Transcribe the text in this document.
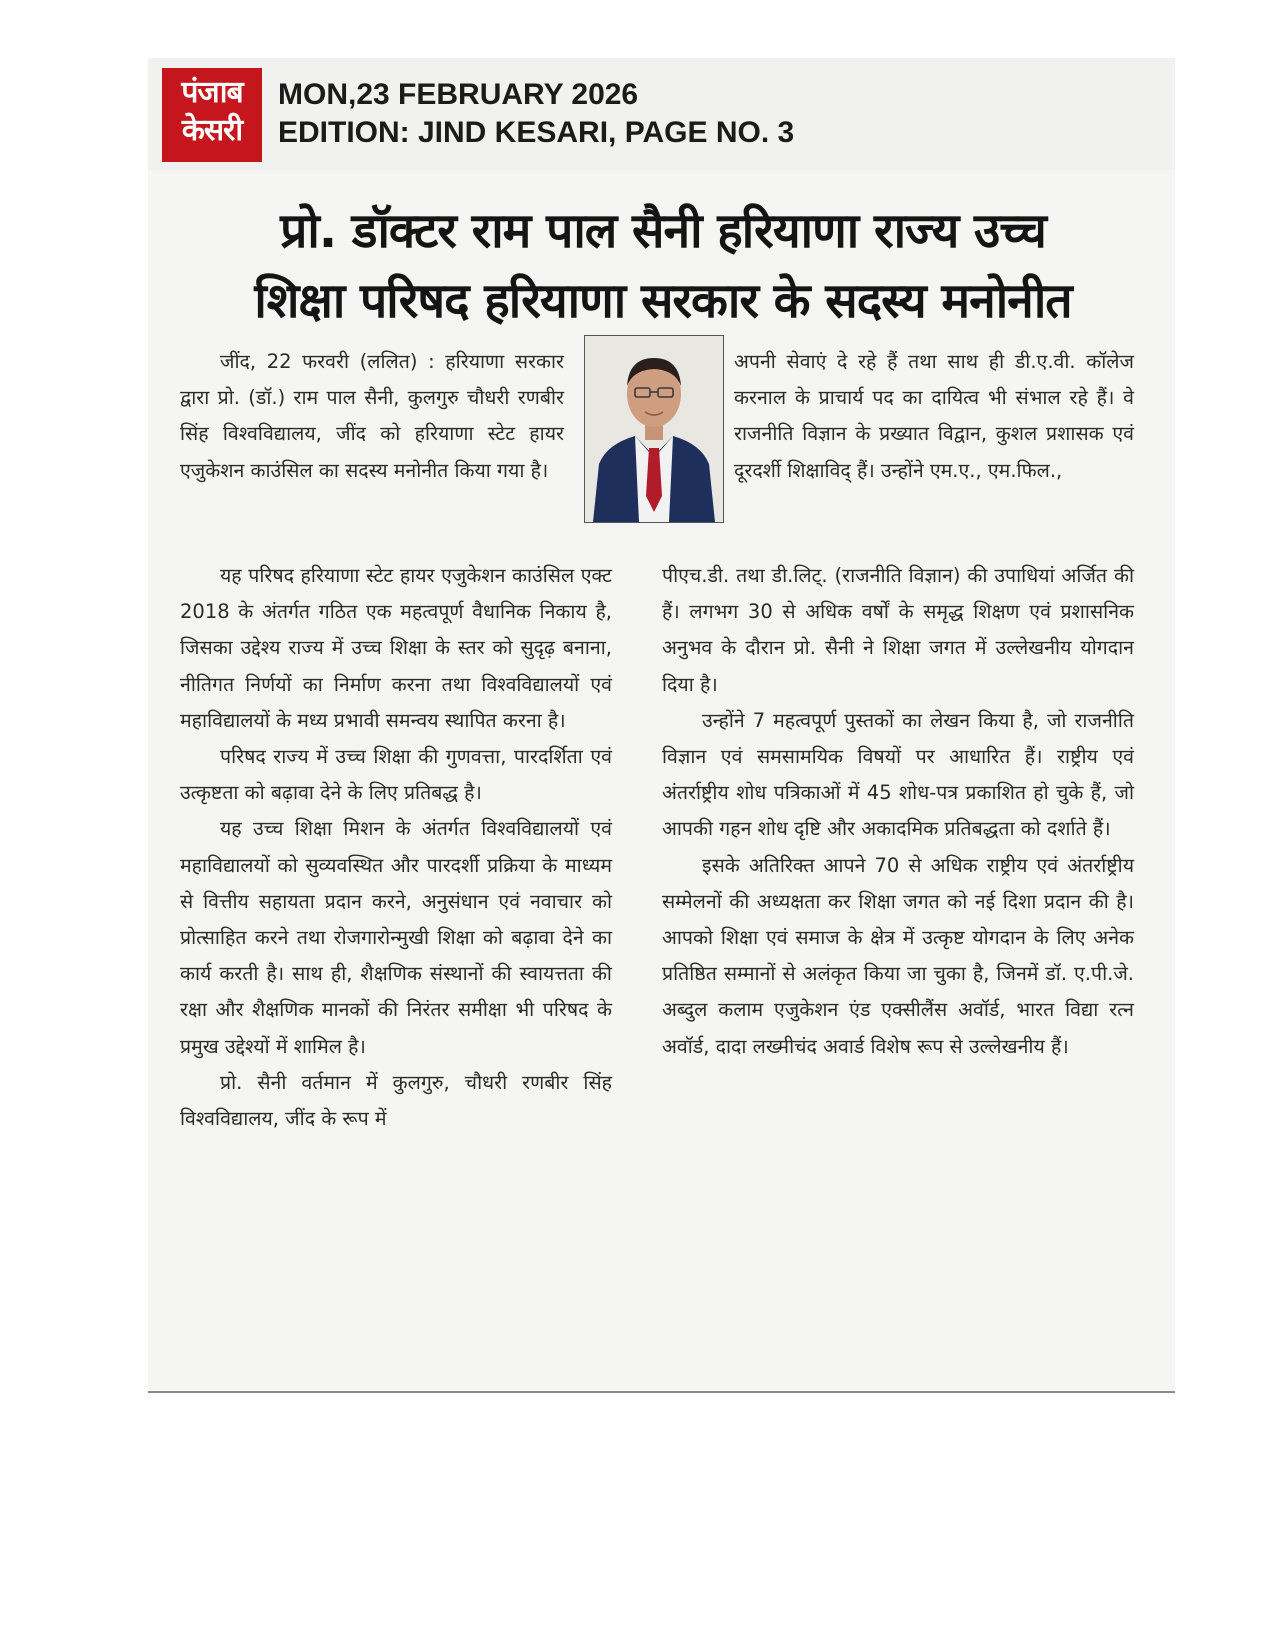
पंजाब
केसरी
MON,23 FEBRUARY 2026
EDITION: JIND KESARI, PAGE NO. 3
प्रो. डॉक्टर राम पाल सैनी हरियाणा राज्य उच्च
शिक्षा परिषद हरियाणा सरकार के सदस्य मनोनीत

जींद, 22 फरवरी (ललित) : हरियाणा सरकार द्वारा प्रो. (डॉ.) राम पाल सैनी, कुलगुरु चौधरी रणबीर सिंह विश्वविद्यालय, जींद को हरियाणा स्टेट हायर एजुकेशन काउंसिल का सदस्य मनोनीत किया गया है।

यह परिषद हरियाणा स्टेट हायर एजुकेशन काउंसिल एक्ट 2018 के अंतर्गत गठित एक महत्वपूर्ण वैधानिक निकाय है, जिसका उद्देश्य राज्य में उच्च शिक्षा के स्तर को सुदृढ़ बनाना, नीतिगत निर्णयों का निर्माण करना तथा विश्वविद्यालयों एवं महाविद्यालयों के मध्य प्रभावी समन्वय स्थापित करना है।

परिषद राज्य में उच्च शिक्षा की गुणवत्ता, पारदर्शिता एवं उत्कृष्टता को बढ़ावा देने के लिए प्रतिबद्ध है।

यह उच्च शिक्षा मिशन के अंतर्गत विश्वविद्यालयों एवं महाविद्यालयों को सुव्यवस्थित और पारदर्शी प्रक्रिया के माध्यम से वित्तीय सहायता प्रदान करने, अनुसंधान एवं नवाचार को प्रोत्साहित करने तथा रोजगारोन्मुखी शिक्षा को बढ़ावा देने का कार्य करती है। साथ ही, शैक्षणिक संस्थानों की स्वायत्तता की रक्षा और शैक्षणिक मानकों की निरंतर समीक्षा भी परिषद के प्रमुख उद्देश्यों में शामिल है।

प्रो. सैनी वर्तमान में कुलगुरु, चौधरी रणबीर सिंह विश्वविद्यालय, जींद के रूप में

अपनी सेवाएं दे रहे हैं तथा साथ ही डी.ए.वी. कॉलेज करनाल के प्राचार्य पद का दायित्व भी संभाल रहे हैं। वे राजनीति विज्ञान के प्रख्यात विद्वान, कुशल प्रशासक एवं दूरदर्शी शिक्षाविद् हैं। उन्होंने एम.ए., एम.फिल.,

पीएच.डी. तथा डी.लिट्. (राजनीति विज्ञान) की उपाधियां अर्जित की हैं। लगभग 30 से अधिक वर्षों के समृद्ध शिक्षण एवं प्रशासनिक अनुभव के दौरान प्रो. सैनी ने शिक्षा जगत में उल्लेखनीय योगदान दिया है।

उन्होंने 7 महत्वपूर्ण पुस्तकों का लेखन किया है, जो राजनीति विज्ञान एवं समसामयिक विषयों पर आधारित हैं। राष्ट्रीय एवं अंतर्राष्ट्रीय शोध पत्रिकाओं में 45 शोध-पत्र प्रकाशित हो चुके हैं, जो आपकी गहन शोध दृष्टि और अकादमिक प्रतिबद्धता को दर्शाते हैं।

इसके अतिरिक्त आपने 70 से अधिक राष्ट्रीय एवं अंतर्राष्ट्रीय सम्मेलनों की अध्यक्षता कर शिक्षा जगत को नई दिशा प्रदान की है। आपको शिक्षा एवं समाज के क्षेत्र में उत्कृष्ट योगदान के लिए अनेक प्रतिष्ठित सम्मानों से अलंकृत किया जा चुका है, जिनमें डॉ. ए.पी.जे. अब्दुल कलाम एजुकेशन एंड एक्सीलैंस अवॉर्ड, भारत विद्या रत्न अवॉर्ड, दादा लख्मीचंद अवार्ड विशेष रूप से उल्लेखनीय हैं।
